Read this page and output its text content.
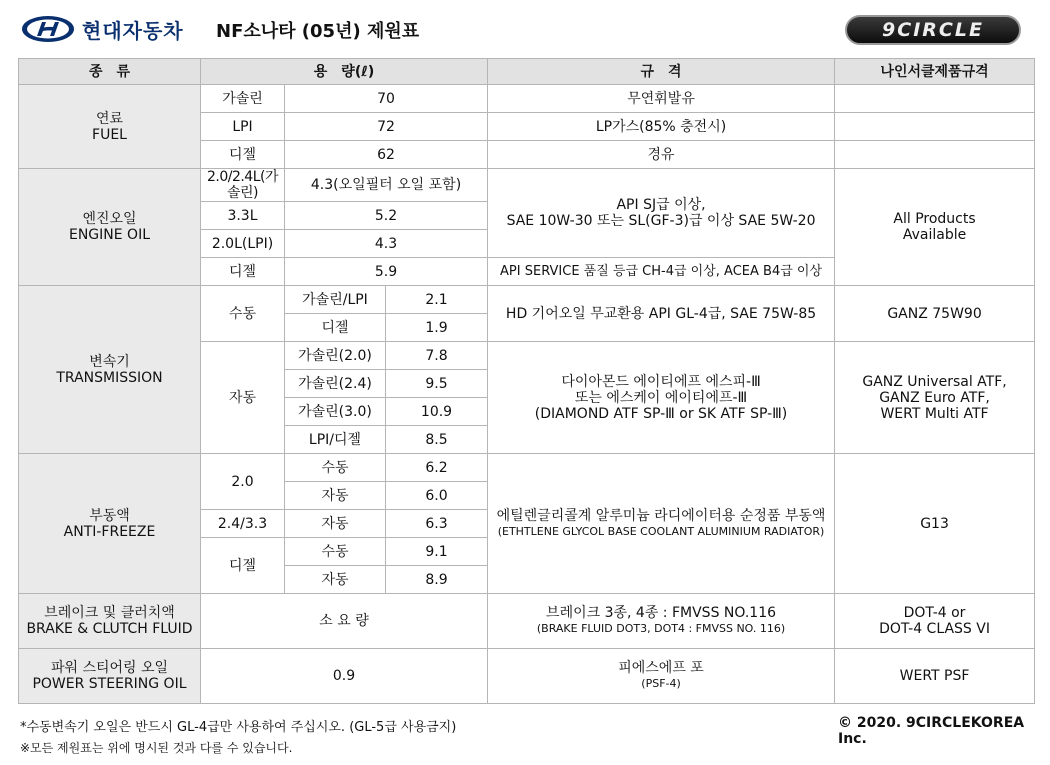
현대자동차 NF소나타 (05년) 제원표	9CIRCLE
종　류	용　량(ℓ)			규　격	나인서클제품규격

연료
FUEL	가솔린	70		무연휘발유	
	LPI	72		LP가스(85% 충전시)	
	디젤	62		경유	

엔진오일
ENGINE OIL	2.0/2.4L(가솔린)	4.3(오일필터 오일 포함)		API SJ급 이상,
SAE 10W-30 또는 SL(GF-3)급 이상 SAE 5W-20	All Products
Available

	3.3L	5.2			
	2.0L(LPI)	4.3			
	디젤	5.9		API SERVICE 품질 등급 CH-4급 이상, ACEA B4급 이상	

변속기
TRANSMISSION	수동	가솔린/LPI	2.1	HD 기어오일 무교환용 API GL-4급, SAE 75W-85	GANZ 75W90
		디젤	1.9		
	자동	가솔린(2.0)	7.8	다이아몬드 에이티에프 에스피-Ⅲ
또는 에스케이 에이티에프-Ⅲ
(DIAMOND ATF SP-Ⅲ or SK ATF SP-Ⅲ)	GANZ Universal ATF,
GANZ Euro ATF,
WERT Multi ATF

		가솔린(2.4)	9.5		
		가솔린(3.0)	10.9		
		LPI/디젤	8.5		

부동액
ANTI-FREEZE	2.0	수동	6.2	에틸렌글리콜계 알루미늄 라디에이터용 순정품 부동액
(ETHTLENE GLYCOL BASE COOLANT ALUMINIUM RADIATOR)	G13
		자동	6.0		
	2.4/3.3	자동	6.3		
	디젤	수동	9.1		
		자동	8.9		

브레이크 및 클러치액
BRAKE & CLUTCH FLUID	소 요 량			브레이크 3종, 4종 : FMVSS NO.116
(BRAKE FLUID DOT3, DOT4 : FMVSS NO. 116)	DOT-4 or
DOT-4 CLASS VI

파워 스티어링 오일
POWER STEERING OIL	0.9			피에스에프 포
(PSF-4)	WERT PSF
*수동변속기 오일은 반드시 GL-4급만 사용하여 주십시오. (GL-5급 사용금지)
※모든 제원표는 위에 명시된 것과 다를 수 있습니다.
© 2020. 9CIRCLEKOREA Inc.
